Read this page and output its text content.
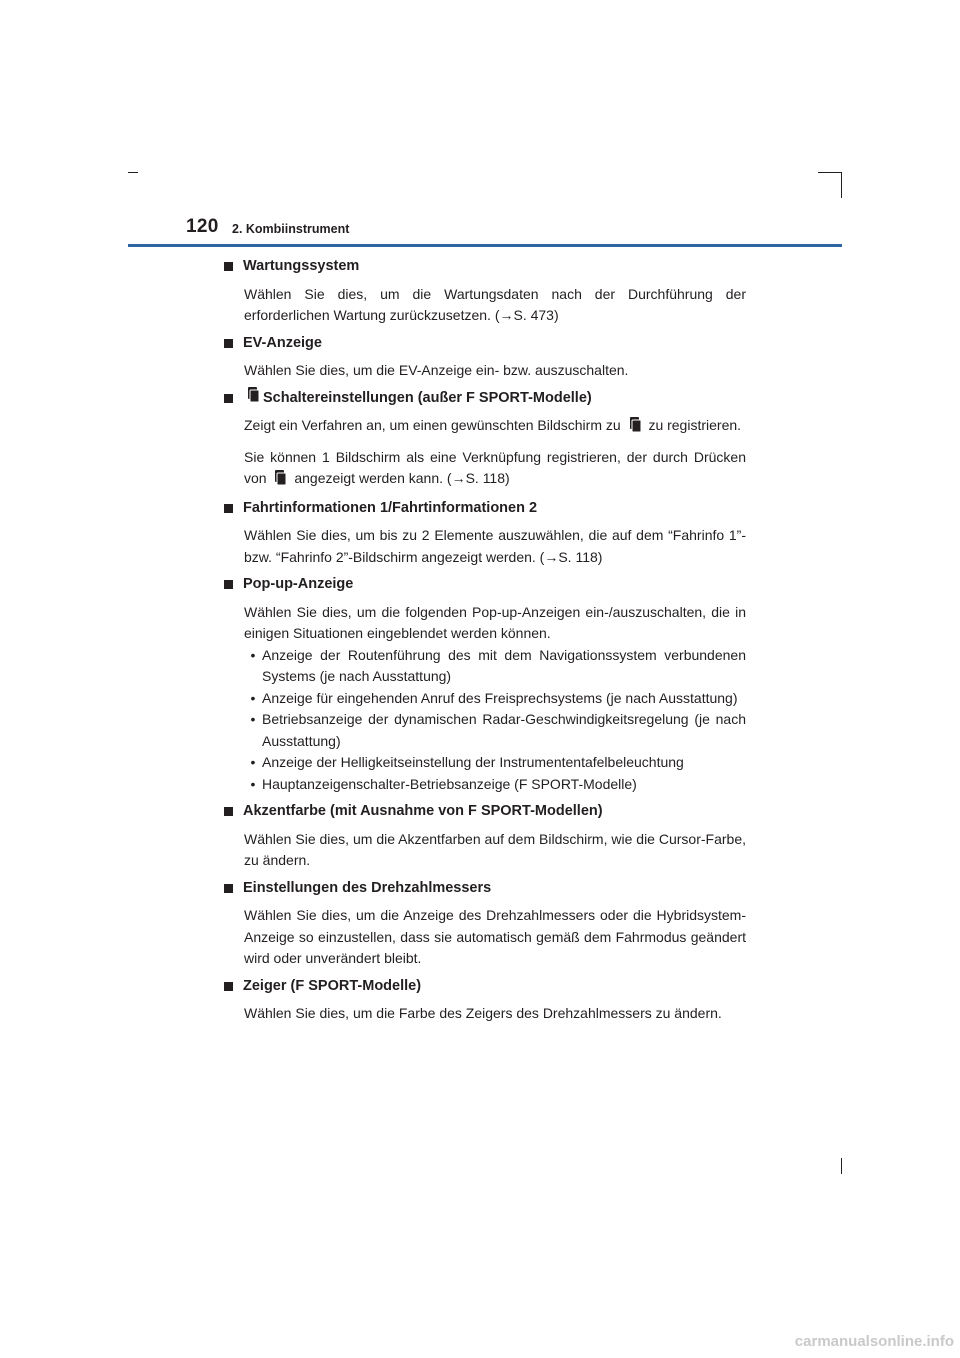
120 2. Kombiinstrument
Wartungssystem
Wählen Sie dies, um die Wartungsdaten nach der Durchführung der erforderlichen Wartung zurückzusetzen. (→S. 473)
EV-Anzeige
Wählen Sie dies, um die EV-Anzeige ein- bzw. auszuschalten.
Schaltereinstellungen (außer F SPORT-Modelle)
Zeigt ein Verfahren an, um einen gewünschten Bildschirm zu zu registrieren.
Sie können 1 Bildschirm als eine Verknüpfung registrieren, der durch Drücken von angezeigt werden kann. (→S. 118)
Fahrtinformationen 1/Fahrtinformationen 2
Wählen Sie dies, um bis zu 2 Elemente auszuwählen, die auf dem “Fahrinfo 1”- bzw. “Fahrinfo 2”-Bildschirm angezeigt werden. (→S. 118)
Pop-up-Anzeige
Wählen Sie dies, um die folgenden Pop-up-Anzeigen ein-/auszuschalten, die in einigen Situationen eingeblendet werden können.
• Anzeige der Routenführung des mit dem Navigationssystem verbundenen Systems (je nach Ausstattung)
• Anzeige für eingehenden Anruf des Freisprechsystems (je nach Ausstattung)
• Betriebsanzeige der dynamischen Radar-Geschwindigkeitsregelung (je nach Ausstattung)
• Anzeige der Helligkeitseinstellung der Instrumententafelbeleuchtung
• Hauptanzeigenschalter-Betriebsanzeige (F SPORT-Modelle)
Akzentfarbe (mit Ausnahme von F SPORT-Modellen)
Wählen Sie dies, um die Akzentfarben auf dem Bildschirm, wie die Cursor-Farbe, zu ändern.
Einstellungen des Drehzahlmessers
Wählen Sie dies, um die Anzeige des Drehzahlmessers oder die Hybridsystem-Anzeige so einzustellen, dass sie automatisch gemäß dem Fahrmodus geändert wird oder unverändert bleibt.
Zeiger (F SPORT-Modelle)
Wählen Sie dies, um die Farbe des Zeigers des Drehzahlmessers zu ändern.
carmanualsonline.info
